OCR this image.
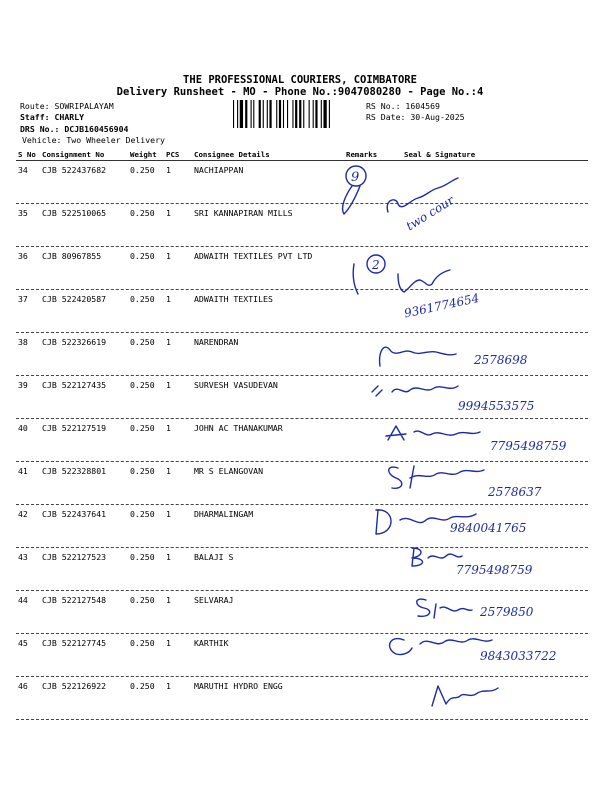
THE PROFESSIONAL COURIERS, COIMBATORE
Delivery Runsheet - MO - Phone No.:9047080280 - Page No.:4
Route: SOWRIPALAYAM
Staff: CHARLY
DRS No.: DCJB160456904
Vehicle: Two Wheeler Delivery
RS No.: 1604569
RS Date: 30-Aug-2025
S No Consignment No	Weight PCS Consignee Details	Remarks	Seal & Signature
34 CJB 522437682	0.250 1	NACHIAPPAN
35 CJB 522510065	0.250 1	SRI KANNAPIRAN MILLS
36 CJB 80967855	0.250 1	ADWAITH TEXTILES PVT LTD
37 CJB 522420587	0.250 1	ADWAITH TEXTILES
38 CJB 522326619	0.250 1	NARENDRAN
39 CJB 522127435	0.250 1	SURVESH VASUDEVAN
40 CJB 522127519	0.250 1	JOHN AC THANAKUMAR
41 CJB 522328801	0.250 1	MR S ELANGOVAN
42 CJB 522437641	0.250 1	DHARMALINGAM
43 CJB 522127523	0.250 1	BALAJI S
44 CJB 522127548	0.250 1	SELVARAJ
45 CJB 522127745	0.250 1	KARTHIK
46 CJB 522126922	0.250 1	MARUTHI HYDRO ENGG
9
two cour
2
9361774654
2578698
9994553575
7795498759
2578637
9840041765
7795498759
2579850
9843033722
